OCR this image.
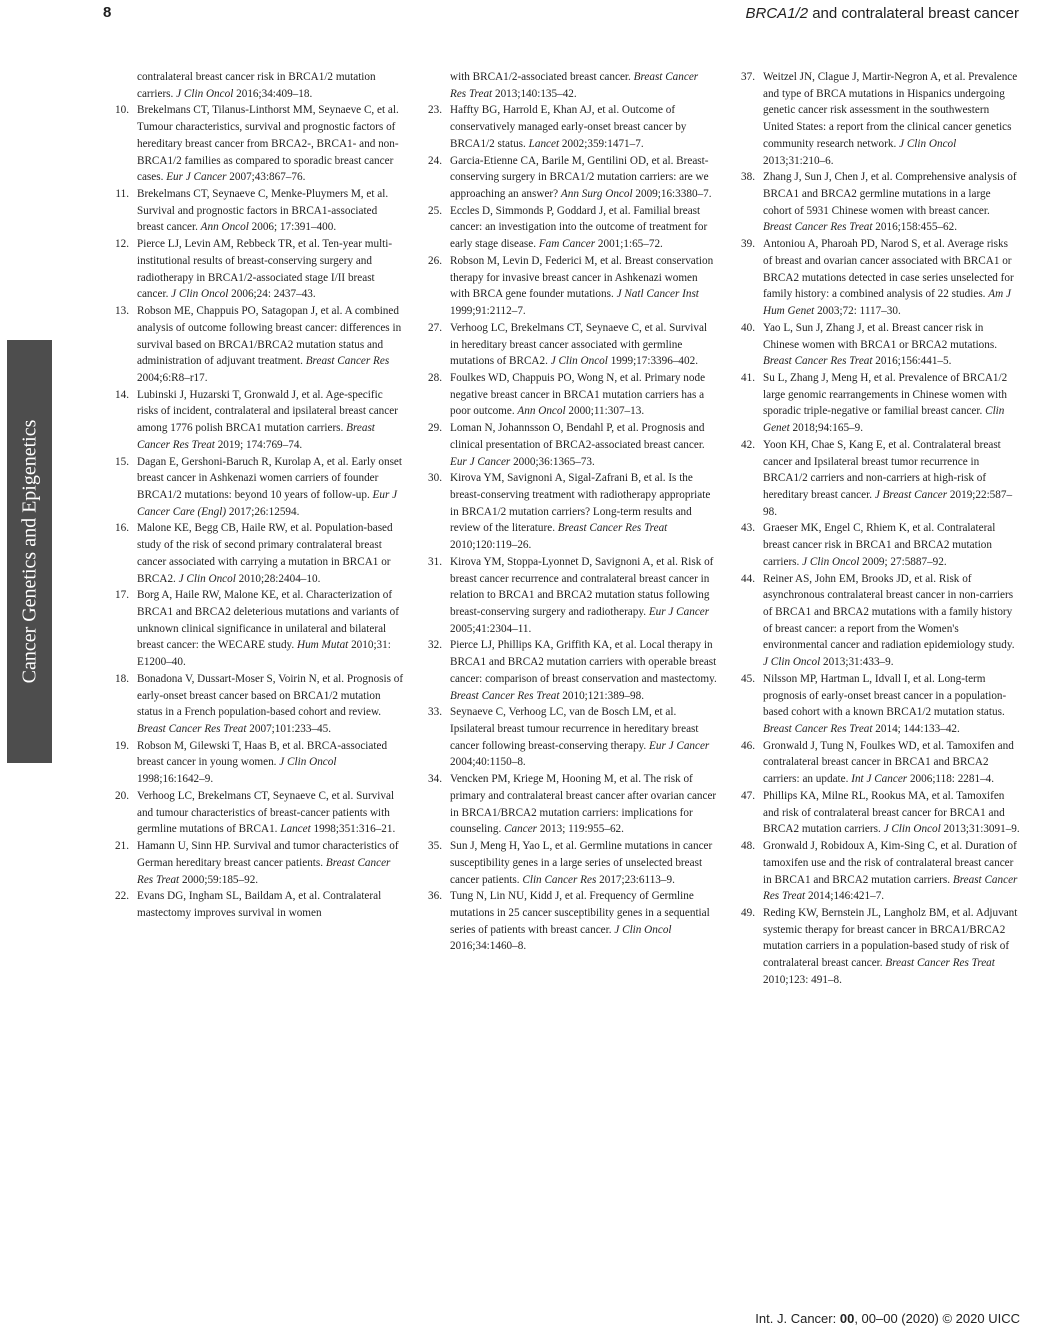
8	BRCA1/2 and contralateral breast cancer
Cancer Genetics and Epigenetics
contralateral breast cancer risk in BRCA1/2 mutation carriers. J Clin Oncol 2016;34:409–18.
10. Brekelmans CT, Tilanus-Linthorst MM, Seynaeve C, et al. Tumour characteristics, survival and prognostic factors of hereditary breast cancer from BRCA2-, BRCA1- and non-BRCA1/2 families as compared to sporadic breast cancer cases. Eur J Cancer 2007;43:867–76.
11. Brekelmans CT, Seynaeve C, Menke-Pluymers M, et al. Survival and prognostic factors in BRCA1-associated breast cancer. Ann Oncol 2006; 17:391–400.
12. Pierce LJ, Levin AM, Rebbeck TR, et al. Ten-year multi-institutional results of breast-conserving surgery and radiotherapy in BRCA1/2-associated stage I/II breast cancer. J Clin Oncol 2006;24: 2437–43.
13. Robson ME, Chappuis PO, Satagopan J, et al. A combined analysis of outcome following breast cancer: differences in survival based on BRCA1/BRCA2 mutation status and administration of adjuvant treatment. Breast Cancer Res 2004;6:R8–r17.
14. Lubinski J, Huzarski T, Gronwald J, et al. Age-specific risks of incident, contralateral and ipsilateral breast cancer among 1776 polish BRCA1 mutation carriers. Breast Cancer Res Treat 2019; 174:769–74.
15. Dagan E, Gershoni-Baruch R, Kurolap A, et al. Early onset breast cancer in Ashkenazi women carriers of founder BRCA1/2 mutations: beyond 10 years of follow-up. Eur J Cancer Care (Engl) 2017;26:12594.
16. Malone KE, Begg CB, Haile RW, et al. Population-based study of the risk of second primary contralateral breast cancer associated with carrying a mutation in BRCA1 or BRCA2. J Clin Oncol 2010;28:2404–10.
17. Borg A, Haile RW, Malone KE, et al. Characterization of BRCA1 and BRCA2 deleterious mutations and variants of unknown clinical significance in unilateral and bilateral breast cancer: the WECARE study. Hum Mutat 2010;31: E1200–40.
18. Bonadona V, Dussart-Moser S, Voirin N, et al. Prognosis of early-onset breast cancer based on BRCA1/2 mutation status in a French population-based cohort and review. Breast Cancer Res Treat 2007;101:233–45.
19. Robson M, Gilewski T, Haas B, et al. BRCA-associated breast cancer in young women. J Clin Oncol 1998;16:1642–9.
20. Verhoog LC, Brekelmans CT, Seynaeve C, et al. Survival and tumour characteristics of breast-cancer patients with germline mutations of BRCA1. Lancet 1998;351:316–21.
21. Hamann U, Sinn HP. Survival and tumor characteristics of German hereditary breast cancer patients. Breast Cancer Res Treat 2000;59:185–92.
22. Evans DG, Ingham SL, Baildam A, et al. Contralateral mastectomy improves survival in women
with BRCA1/2-associated breast cancer. Breast Cancer Res Treat 2013;140:135–42.
23. Haffty BG, Harrold E, Khan AJ, et al. Outcome of conservatively managed early-onset breast cancer by BRCA1/2 status. Lancet 2002;359:1471–7.
24. Garcia-Etienne CA, Barile M, Gentilini OD, et al. Breast-conserving surgery in BRCA1/2 mutation carriers: are we approaching an answer? Ann Surg Oncol 2009;16:3380–7.
25. Eccles D, Simmonds P, Goddard J, et al. Familial breast cancer: an investigation into the outcome of treatment for early stage disease. Fam Cancer 2001;1:65–72.
26. Robson M, Levin D, Federici M, et al. Breast conservation therapy for invasive breast cancer in Ashkenazi women with BRCA gene founder mutations. J Natl Cancer Inst 1999;91:2112–7.
27. Verhoog LC, Brekelmans CT, Seynaeve C, et al. Survival in hereditary breast cancer associated with germline mutations of BRCA2. J Clin Oncol 1999;17:3396–402.
28. Foulkes WD, Chappuis PO, Wong N, et al. Primary node negative breast cancer in BRCA1 mutation carriers has a poor outcome. Ann Oncol 2000;11:307–13.
29. Loman N, Johannsson O, Bendahl P, et al. Prognosis and clinical presentation of BRCA2-associated breast cancer. Eur J Cancer 2000;36:1365–73.
30. Kirova YM, Savignoni A, Sigal-Zafrani B, et al. Is the breast-conserving treatment with radiotherapy appropriate in BRCA1/2 mutation carriers? Long-term results and review of the literature. Breast Cancer Res Treat 2010;120:119–26.
31. Kirova YM, Stoppa-Lyonnet D, Savignoni A, et al. Risk of breast cancer recurrence and contralateral breast cancer in relation to BRCA1 and BRCA2 mutation status following breast-conserving surgery and radiotherapy. Eur J Cancer 2005;41:2304–11.
32. Pierce LJ, Phillips KA, Griffith KA, et al. Local therapy in BRCA1 and BRCA2 mutation carriers with operable breast cancer: comparison of breast conservation and mastectomy. Breast Cancer Res Treat 2010;121:389–98.
33. Seynaeve C, Verhoog LC, van de Bosch LM, et al. Ipsilateral breast tumour recurrence in hereditary breast cancer following breast-conserving therapy. Eur J Cancer 2004;40:1150–8.
34. Vencken PM, Kriege M, Hooning M, et al. The risk of primary and contralateral breast cancer after ovarian cancer in BRCA1/BRCA2 mutation carriers: implications for counseling. Cancer 2013; 119:955–62.
35. Sun J, Meng H, Yao L, et al. Germline mutations in cancer susceptibility genes in a large series of unselected breast cancer patients. Clin Cancer Res 2017;23:6113–9.
36. Tung N, Lin NU, Kidd J, et al. Frequency of Germline mutations in 25 cancer susceptibility genes in a sequential series of patients with breast cancer. J Clin Oncol 2016;34:1460–8.
37. Weitzel JN, Clague J, Martir-Negron A, et al. Prevalence and type of BRCA mutations in Hispanics undergoing genetic cancer risk assessment in the southwestern United States: a report from the clinical cancer genetics community research network. J Clin Oncol 2013;31:210–6.
38. Zhang J, Sun J, Chen J, et al. Comprehensive analysis of BRCA1 and BRCA2 germline mutations in a large cohort of 5931 Chinese women with breast cancer. Breast Cancer Res Treat 2016;158:455–62.
39. Antoniou A, Pharoah PD, Narod S, et al. Average risks of breast and ovarian cancer associated with BRCA1 or BRCA2 mutations detected in case series unselected for family history: a combined analysis of 22 studies. Am J Hum Genet 2003;72: 1117–30.
40. Yao L, Sun J, Zhang J, et al. Breast cancer risk in Chinese women with BRCA1 or BRCA2 mutations. Breast Cancer Res Treat 2016;156:441–5.
41. Su L, Zhang J, Meng H, et al. Prevalence of BRCA1/2 large genomic rearrangements in Chinese women with sporadic triple-negative or familial breast cancer. Clin Genet 2018;94:165–9.
42. Yoon KH, Chae S, Kang E, et al. Contralateral breast cancer and Ipsilateral breast tumor recurrence in BRCA1/2 carriers and non-carriers at high-risk of hereditary breast cancer. J Breast Cancer 2019;22:587–98.
43. Graeser MK, Engel C, Rhiem K, et al. Contralateral breast cancer risk in BRCA1 and BRCA2 mutation carriers. J Clin Oncol 2009; 27:5887–92.
44. Reiner AS, John EM, Brooks JD, et al. Risk of asynchronous contralateral breast cancer in non-carriers of BRCA1 and BRCA2 mutations with a family history of breast cancer: a report from the Women's environmental cancer and radiation epidemiology study. J Clin Oncol 2013;31:433–9.
45. Nilsson MP, Hartman L, Idvall I, et al. Long-term prognosis of early-onset breast cancer in a population-based cohort with a known BRCA1/2 mutation status. Breast Cancer Res Treat 2014; 144:133–42.
46. Gronwald J, Tung N, Foulkes WD, et al. Tamoxifen and contralateral breast cancer in BRCA1 and BRCA2 carriers: an update. Int J Cancer 2006;118: 2281–4.
47. Phillips KA, Milne RL, Rookus MA, et al. Tamoxifen and risk of contralateral breast cancer for BRCA1 and BRCA2 mutation carriers. J Clin Oncol 2013;31:3091–9.
48. Gronwald J, Robidoux A, Kim-Sing C, et al. Duration of tamoxifen use and the risk of contralateral breast cancer in BRCA1 and BRCA2 mutation carriers. Breast Cancer Res Treat 2014;146:421–7.
49. Reding KW, Bernstein JL, Langholz BM, et al. Adjuvant systemic therapy for breast cancer in BRCA1/BRCA2 mutation carriers in a population-based study of risk of contralateral breast cancer. Breast Cancer Res Treat 2010;123: 491–8.
Int. J. Cancer: 00, 00–00 (2020) © 2020 UICC
